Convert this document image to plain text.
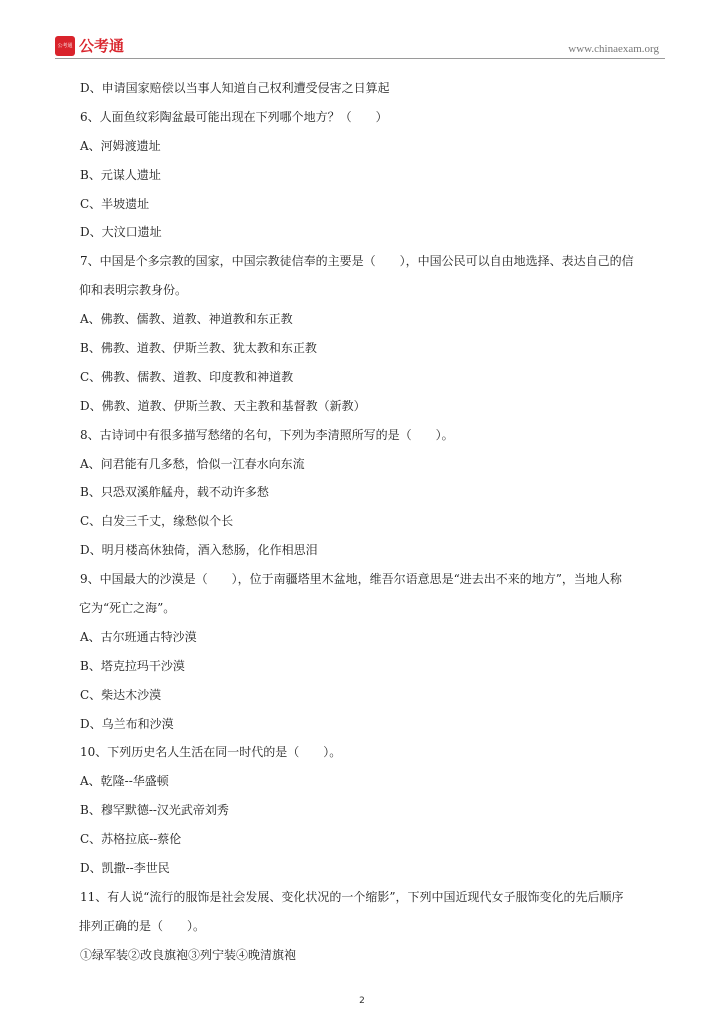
公考通 公考通	www.chinaexam.org
D、申请国家赔偿以当事人知道自己权利遭受侵害之日算起
6、人面鱼纹彩陶盆最可能出现在下列哪个地方？（　　）
A、河姆渡遗址
B、元谋人遗址
C、半坡遗址
D、大汶口遗址
7、中国是个多宗教的国家，中国宗教徒信奉的主要是（　　），中国公民可以自由地选择、表达自己的信
仰和表明宗教身份。
A、佛教、儒教、道教、神道教和东正教
B、佛教、道教、伊斯兰教、犹太教和东正教
C、佛教、儒教、道教、印度教和神道教
D、佛教、道教、伊斯兰教、天主教和基督教（新教）
8、古诗词中有很多描写愁绪的名句，下列为李清照所写的是（　　）。
A、问君能有几多愁，恰似一江春水向东流
B、只恐双溪舴艋舟，载不动许多愁
C、白发三千丈，缘愁似个长
D、明月楼高休独倚，酒入愁肠，化作相思泪
9、中国最大的沙漠是（　　），位于南疆塔里木盆地，维吾尔语意思是“进去出不来的地方”，当地人称
它为“死亡之海”。
A、古尔班通古特沙漠
B、塔克拉玛干沙漠
C、柴达木沙漠
D、乌兰布和沙漠
10、下列历史名人生活在同一时代的是（　　）。
A、乾隆--华盛顿
B、穆罕默德--汉光武帝刘秀
C、苏格拉底--蔡伦
D、凯撒--李世民
11、有人说“流行的服饰是社会发展、变化状况的一个缩影”，下列中国近现代女子服饰变化的先后顺序
排列正确的是（　　）。
①绿军装②改良旗袍③列宁装④晚清旗袍
2
